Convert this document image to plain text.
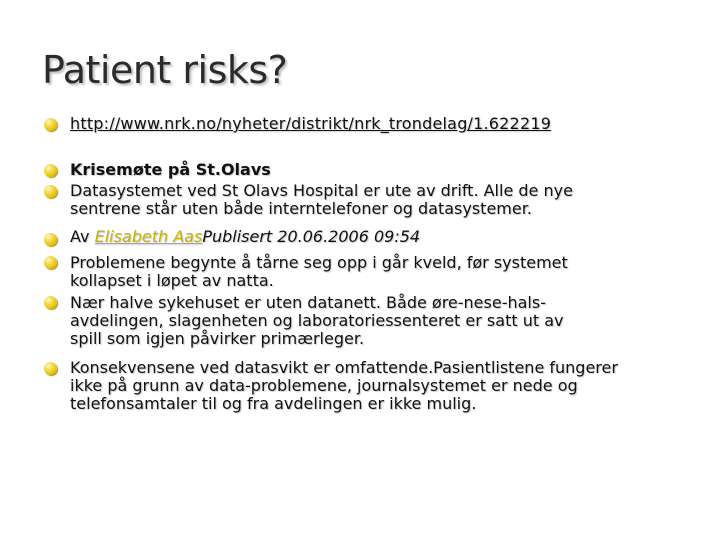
Patient risks?
http://www.nrk.no/nyheter/distrikt/nrk_trondelag/1.622219
Krisemøte på St.Olavs
Datasystemet ved St Olavs Hospital er ute av drift. Alle de nye
sentrene står uten både interntelefoner og datasystemer.
Av Elisabeth AasPublisert 20.06.2006 09:54
Problemene begynte å tårne seg opp i går kveld, før systemet
kollapset i løpet av natta.
Nær halve sykehuset er uten datanett. Både øre-nese-hals-
avdelingen, slagenheten og laboratoriessenteret er satt ut av
spill som igjen påvirker primærleger.
Konsekvensene ved datasvikt er omfattende.Pasientlistene fungerer
ikke på grunn av data-problemene, journalsystemet er nede og
telefonsamtaler til og fra avdelingen er ikke mulig.
